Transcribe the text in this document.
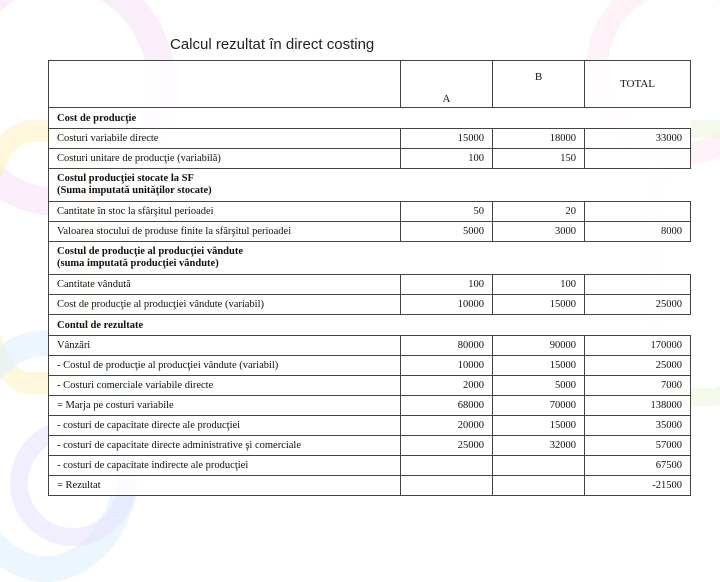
Calcul rezultat în direct costing
	A	B	TOTAL
Cost de producţie			
Costuri variabile directe	15000	18000	33000
Costuri unitare de producţie (variabilă)	100	150	
Costul producţiei stocate la SF
(Suma imputată unităţilor stocate)			
Cantitate în stoc la sfârşitul perioadei	50	20	
Valoarea stocului de produse finite la sfârşitul perioadei	5000	3000	8000
Costul de producţie al producţiei vândute
(suma imputată producţiei vândute)			
Cantitate vândută	100	100	
Cost de producţie al producţiei vândute (variabil)	10000	15000	25000
Contul de rezultate			
Vânzări	80000	90000	170000
- Costul de producţie al producţiei vândute (variabil)	10000	15000	25000
- Costuri comerciale variabile directe	2000	5000	7000
= Marja pe costuri variabile	68000	70000	138000
- costuri de capacitate directe ale producţiei	20000	15000	35000
- costuri de capacitate directe administrative şi comerciale	25000	32000	57000
- costuri de capacitate indirecte ale producţiei			67500
= Rezultat			-21500
